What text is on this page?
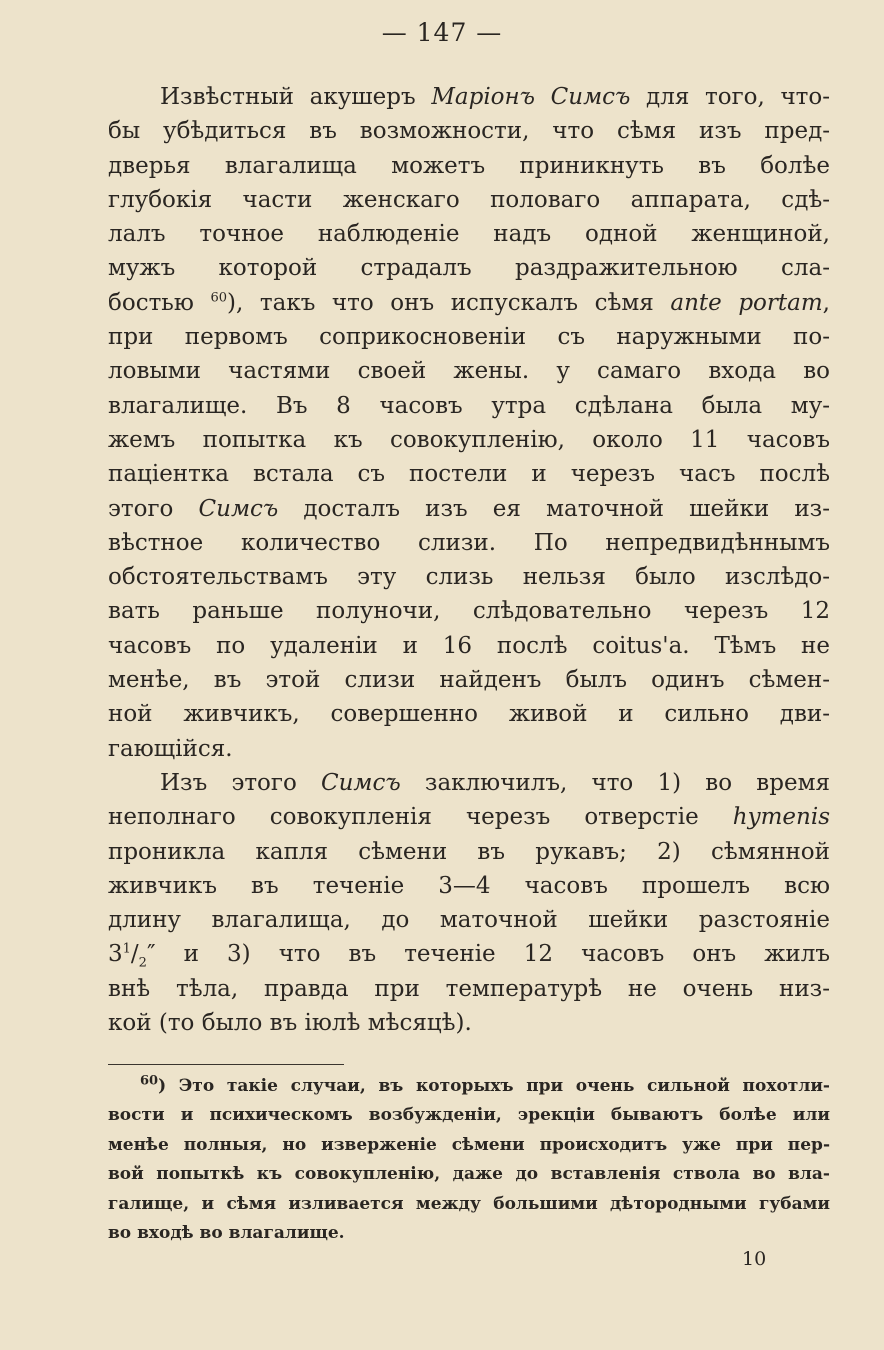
— 147 —
Извѣстный акушеръ Маріонъ Симсъ для того, что-
бы убѣдиться въ возможности, что сѣмя изъ пред-
дверья влагалища можетъ приникнуть въ болѣе
глубокія части женскаго половаго аппарата, сдѣ-
лалъ точное наблюденіе надъ одной женщиной,
мужъ которой страдалъ раздражительною сла-
бостью $^{60}$), такъ что онъ испускалъ сѣмя ante portam,
при первомъ соприкосновеніи съ наружными по-
ловыми частями своей жены. у самаго входа во
влагалище. Въ 8 часовъ утра сдѣлана была му-
жемъ попытка къ совокупленію, около 11 часовъ
паціентка встала съ постели и черезъ часъ послѣ
этого Симсъ досталъ изъ ея маточной шейки из-
вѣстное количество слизи. По непредвидѣннымъ
обстоятельствамъ эту слизь нельзя было изслѣдо-
вать раньше полуночи, слѣдовательно черезъ 12
часовъ по удаленіи и 16 послѣ coitus'a. Тѣмъ не
менѣе, въ этой слизи найденъ былъ одинъ сѣмен-
ной живчикъ, совершенно живой и сильно дви-
гающійся.
Изъ этого Симсъ заключилъ, что 1) во время
неполнаго совокупленія черезъ отверстіе hymenis
проникла капля сѣмени въ рукавъ; 2) сѣмянной
живчикъ въ теченіе 3—4 часовъ прошелъ всю
длину влагалища, до маточной шейки разстояніе
$3^1/_2''$ и 3) что въ теченіе 12 часовъ онъ жилъ
внѣ тѣла, правда при температурѣ не очень низ-
кой (то было въ іюлѣ мѣсяцѣ).
$^{60}$) Это такіе случаи, въ которыхъ при очень сильной похотли-
вости и психическомъ возбужденіи, эрекціи бываютъ болѣе или
менѣе полныя, но изверженіе сѣмени происходитъ уже при пер-
вой попыткѣ къ совокупленію, даже до вставленія ствола во вла-
галище, и сѣмя изливается между большими дѣтородными губами
во входѣ во влагалище.
10
